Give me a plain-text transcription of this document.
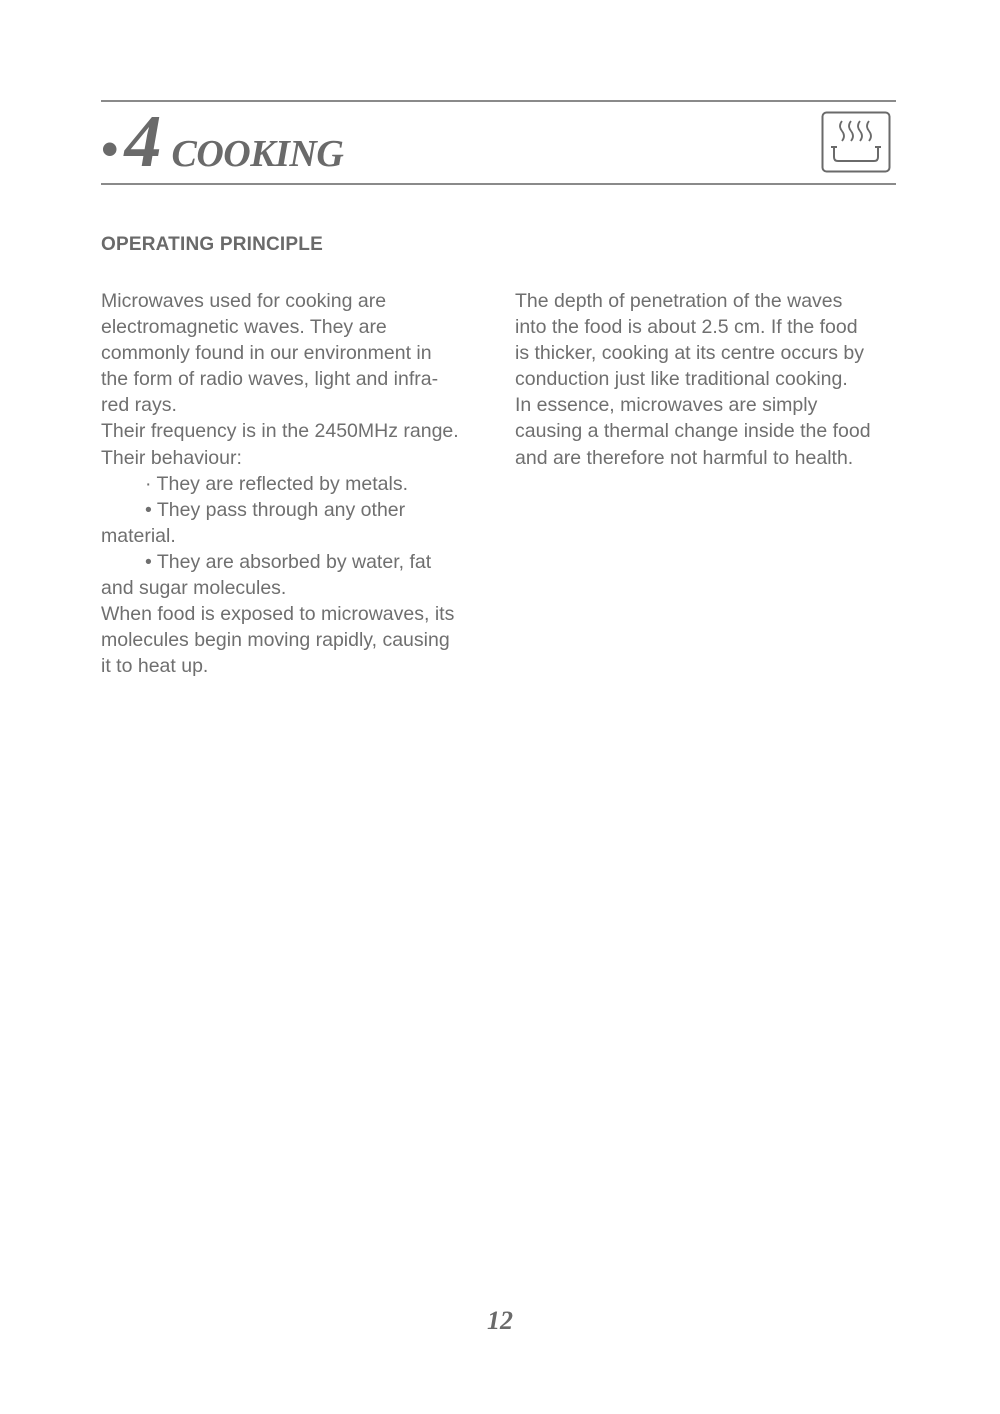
• 4 COOKING
OPERATING PRINCIPLE

Microwaves used for cooking are

electromagnetic waves. They are

commonly found in our environment in

the form of radio waves, light and infra-

red rays.

Their frequency is in the 2450MHz range.

Their behaviour:

· They are reflected by metals.

• They pass through any other

material.

• They are absorbed by water, fat

and sugar molecules.

When food is exposed to microwaves, its

molecules begin moving rapidly, causing

it to heat up.

The depth of penetration of the waves

into the food is about 2.5 cm. If the food

is thicker, cooking at its centre occurs by

conduction just like traditional cooking.

In essence, microwaves are simply

causing a thermal change inside the food

and are therefore not harmful to health.

12
